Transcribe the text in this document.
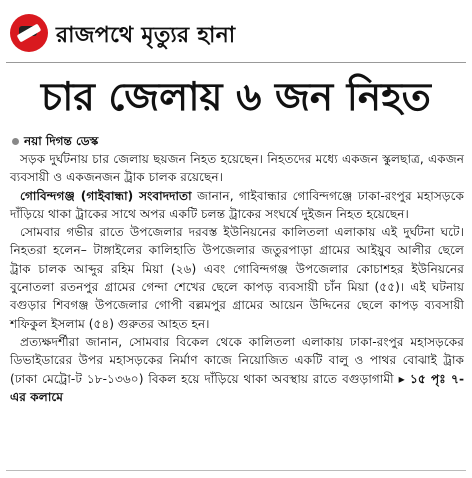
রাজপথে মৃত্যুর হানা
চার জেলায় ৬ জন নিহত
নয়া দিগন্ত ডেস্ক

সড়ক দুর্ঘটনায় চার জেলায় ছয়জন নিহত হয়েছেন। নিহতদের মধ্যে একজন স্কুলছাত্র, একজন ব্যবসায়ী ও একজনজন ট্রাক চালক রয়েছেন।

গোবিন্দগঞ্জ (গাইবান্ধা) সংবাদদাতা জানান, গাইবান্ধার গোবিন্দগঞ্জে ঢাকা-রংপুর মহাসড়কে দাঁড়িয়ে থাকা ট্রাকের সাথে অপর একটি চলন্ত ট্রাকের সংঘর্ষে দুইজন নিহত হয়েছেন।

সোমবার গভীর রাতে উপজেলার দরবস্ত ইউনিয়নের কালিতলা এলাকায় এই দুর্ঘটনা ঘটে। নিহতরা হলেন– টাঙ্গাইলের কালিহাতি উপজেলার জতুরপাড়া গ্রামের আইয়ুব আলীর ছেলে ট্রাক চালক আব্দুর রহিম মিয়া (২৬) এবং গোবিন্দগঞ্জ উপজেলার কোচাশহর ইউনিয়নের বুনোতলা রতনপুর গ্রামের গেন্দা শেখের ছেলে কাপড় ব্যবসায়ী চাঁন মিয়া (৫৫)। এই ঘটনায় বগুড়ার শিবগঞ্জ উপজেলার গোপী বল্লমপুর গ্রামের আয়েন উদ্দিনের ছেলে কাপড় ব্যবসায়ী শফিকুল ইসলাম (৫৪) গুরুতর আহত হন।

প্রত্যক্ষদর্শীরা জানান, সোমবার বিকেল থেকে কালিতলা এলাকায় ঢাকা-রংপুর মহাসড়কের ডিভাইডারের উপর মহাসড়কের নির্মাণ কাজে নিয়োজিত একটি বালু ও পাথর বোঝাই ট্রাক (ঢাকা মেট্রো-ট ১৮-১৩৬০) বিকল হয়ে দাঁড়িয়ে থাকা অবস্থায় রাতে বগুড়াগামী ▸ ১৫ পৃঃ ৭-এর কলামে
